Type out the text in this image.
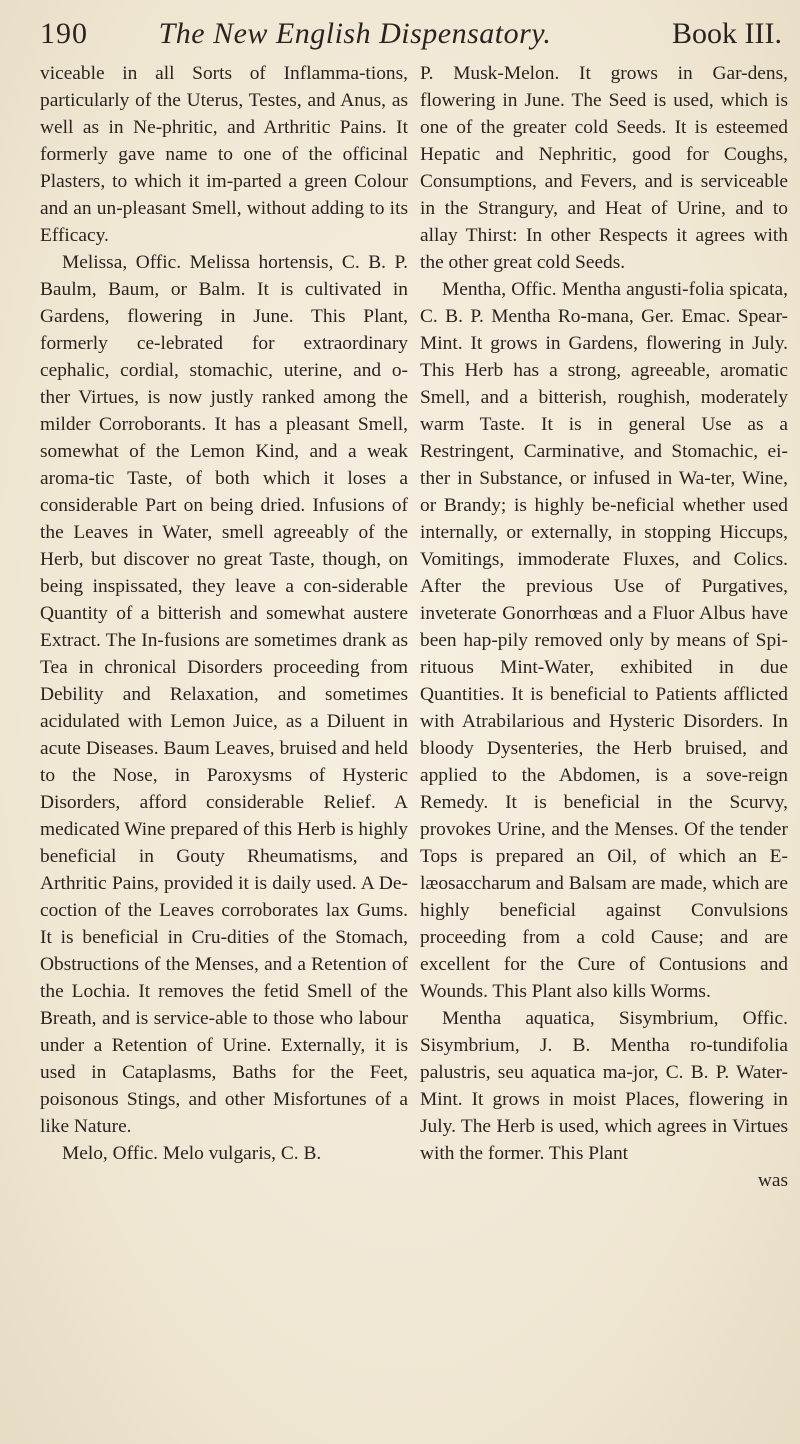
190	The New English Dispensatory.	Book III.

viceable in all Sorts of Inflamma-tions, particularly of the Uterus, Testes, and Anus, as well as in Ne-phritic, and Arthritic Pains. It formerly gave name to one of the officinal Plasters, to which it im-parted a green Colour and an un-pleasant Smell, without adding to its Efficacy.

Melissa, Offic. Melissa hortensis, C. B. P. Baulm, Baum, or Balm. It is cultivated in Gardens, flowering in June. This Plant, formerly ce-lebrated for extraordinary cephalic, cordial, stomachic, uterine, and o-ther Virtues, is now justly ranked among the milder Corroborants. It has a pleasant Smell, somewhat of the Lemon Kind, and a weak aroma-tic Taste, of both which it loses a considerable Part on being dried. Infusions of the Leaves in Water, smell agreeably of the Herb, but discover no great Taste, though, on being inspissated, they leave a con-siderable Quantity of a bitterish and somewhat austere Extract. The In-fusions are sometimes drank as Tea in chronical Disorders proceeding from Debility and Relaxation, and sometimes acidulated with Lemon Juice, as a Diluent in acute Diseases. Baum Leaves, bruised and held to the Nose, in Paroxysms of Hysteric Disorders, afford considerable Relief. A medicated Wine prepared of this Herb is highly beneficial in Gouty Rheumatisms, and Arthritic Pains, provided it is daily used. A De-coction of the Leaves corroborates lax Gums. It is beneficial in Cru-dities of the Stomach, Obstructions of the Menses, and a Retention of the Lochia. It removes the fetid Smell of the Breath, and is service-able to those who labour under a Retention of Urine. Externally, it is used in Cataplasms, Baths for the Feet, poisonous Stings, and other Misfortunes of a like Nature.

Melo, Offic. Melo vulgaris, C. B.

P. Musk-Melon. It grows in Gar-dens, flowering in June. The Seed is used, which is one of the greater cold Seeds. It is esteemed Hepatic and Nephritic, good for Coughs, Consumptions, and Fevers, and is serviceable in the Strangury, and Heat of Urine, and to allay Thirst: In other Respects it agrees with the other great cold Seeds.

Mentha, Offic. Mentha angusti-folia spicata, C. B. P. Mentha Ro-mana, Ger. Emac. Spear-Mint. It grows in Gardens, flowering in July. This Herb has a strong, agreeable, aromatic Smell, and a bitterish, roughish, moderately warm Taste. It is in general Use as a Restringent, Carminative, and Stomachic, ei-ther in Substance, or infused in Wa-ter, Wine, or Brandy; is highly be-neficial whether used internally, or externally, in stopping Hiccups, Vomitings, immoderate Fluxes, and Colics. After the previous Use of Purgatives, inveterate Gonorrhœas and a Fluor Albus have been hap-pily removed only by means of Spi-rituous Mint-Water, exhibited in due Quantities. It is beneficial to Patients afflicted with Atrabilarious and Hysteric Disorders. In bloody Dysenteries, the Herb bruised, and applied to the Abdomen, is a sove-reign Remedy. It is beneficial in the Scurvy, provokes Urine, and the Menses. Of the tender Tops is prepared an Oil, of which an E-læosaccharum and Balsam are made, which are highly beneficial against Convulsions proceeding from a cold Cause; and are excellent for the Cure of Contusions and Wounds. This Plant also kills Worms.

Mentha aquatica, Sisymbrium, Offic. Sisymbrium, J. B. Mentha ro-tundifolia palustris, seu aquatica ma-jor, C. B. P. Water-Mint. It grows in moist Places, flowering in July. The Herb is used, which agrees in Virtues with the former. This Plant

was
